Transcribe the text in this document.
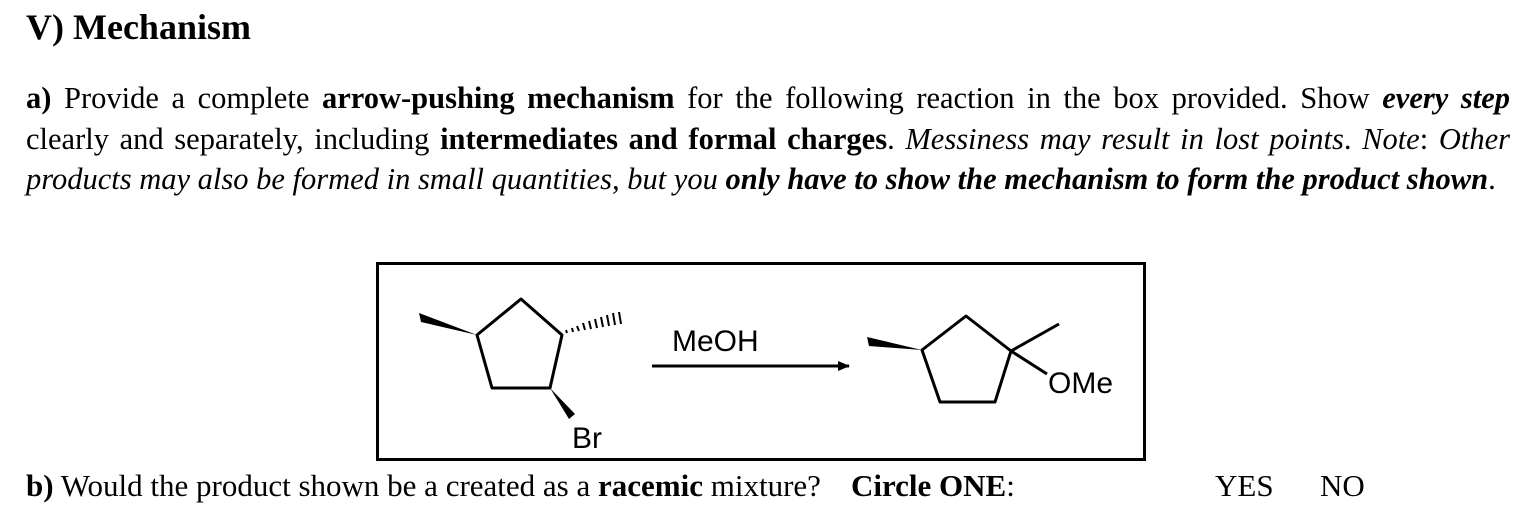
V) Mechanism

a) Provide a complete arrow-pushing mechanism for the following reaction in the box provided. Show every step clearly and separately, including intermediates and formal charges. Messiness may result in lost points. Note: Other products may also be formed in small quantities, but you only have to show the mechanism to form the product shown.

Br
MeOH
OMe

b) Would the product shown be a created as a racemic mixture? Circle ONE:	YES NO
